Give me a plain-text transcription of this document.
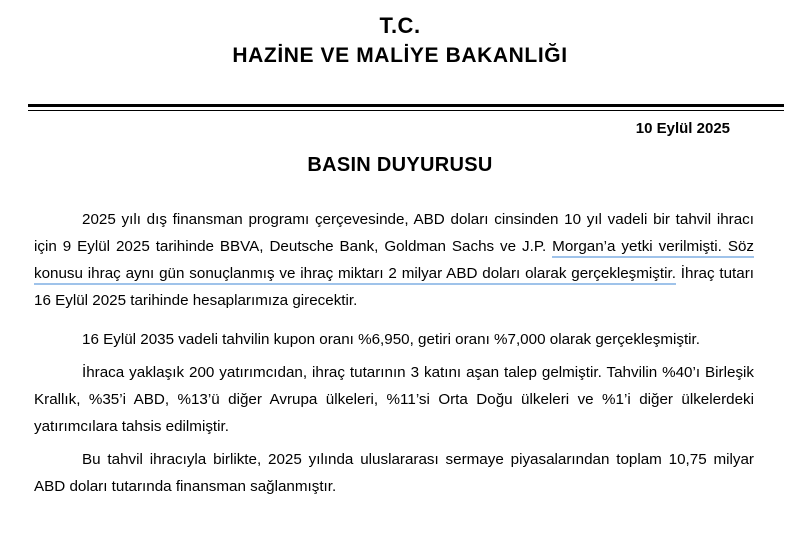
T.C.
HAZİNE VE MALİYE BAKANLIĞI
10 Eylül 2025
BASIN DUYURUSU

2025 yılı dış finansman programı çerçevesinde, ABD doları cinsinden 10 yıl vadeli bir tahvil ihracı için 9 Eylül 2025 tarihinde BBVA, Deutsche Bank, Goldman Sachs ve J.P. Morgan’a yetki verilmişti. Söz konusu ihraç aynı gün sonuçlanmış ve ihraç miktarı 2 milyar ABD doları olarak gerçekleşmiştir. İhraç tutarı 16 Eylül 2025 tarihinde hesaplarımıza girecektir.

16 Eylül 2035 vadeli tahvilin kupon oranı %6,950, getiri oranı %7,000 olarak gerçekleşmiştir.

İhraca yaklaşık 200 yatırımcıdan, ihraç tutarının 3 katını aşan talep gelmiştir. Tahvilin %40’ı Birleşik Krallık, %35’i ABD, %13’ü diğer Avrupa ülkeleri, %11’si Orta Doğu ülkeleri ve %1’i diğer ülkelerdeki yatırımcılara tahsis edilmiştir.

Bu tahvil ihracıyla birlikte, 2025 yılında uluslararası sermaye piyasalarından toplam 10,75 milyar ABD doları tutarında finansman sağlanmıştır.
